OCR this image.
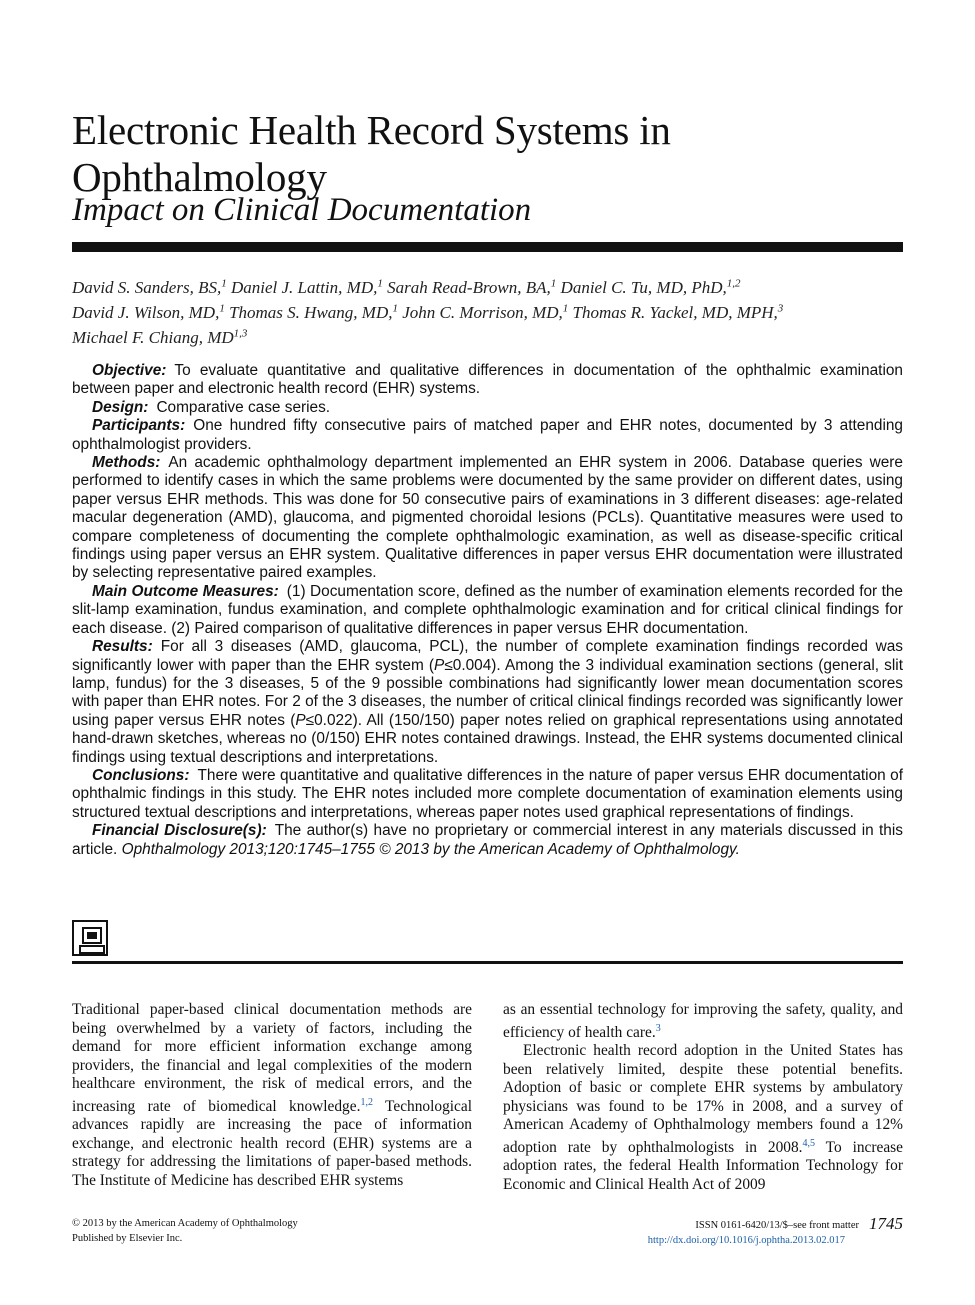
Electronic Health Record Systems in Ophthalmology
Impact on Clinical Documentation
David S. Sanders, BS,$^1$ Daniel J. Lattin, MD,$^1$ Sarah Read-Brown, BA,$^1$ Daniel C. Tu, MD, PhD,$^{1,2}$
David J. Wilson, MD,$^1$ Thomas S. Hwang, MD,$^1$ John C. Morrison, MD,$^1$ Thomas R. Yackel, MD, MPH,$^3$
Michael F. Chiang, MD$^{1,3}$

Objective: To evaluate quantitative and qualitative differences in documentation of the ophthalmic examination between paper and electronic health record (EHR) systems.

Design: Comparative case series.

Participants: One hundred fifty consecutive pairs of matched paper and EHR notes, documented by 3 attending ophthalmologist providers.

Methods: An academic ophthalmology department implemented an EHR system in 2006. Database queries were performed to identify cases in which the same problems were documented by the same provider on different dates, using paper versus EHR methods. This was done for 50 consecutive pairs of examinations in 3 different diseases: age-related macular degeneration (AMD), glaucoma, and pigmented choroidal lesions (PCLs). Quantitative measures were used to compare completeness of documenting the complete ophthalmologic examination, as well as disease-specific critical findings using paper versus an EHR system. Qualitative differences in paper versus EHR documentation were illustrated by selecting representative paired examples.

Main Outcome Measures: (1) Documentation score, defined as the number of examination elements recorded for the slit-lamp examination, fundus examination, and complete ophthalmologic examination and for critical clinical findings for each disease. (2) Paired comparison of qualitative differences in paper versus EHR documentation.

Results: For all 3 diseases (AMD, glaucoma, PCL), the number of complete examination findings recorded was significantly lower with paper than the EHR system (P≤0.004). Among the 3 individual examination sections (general, slit lamp, fundus) for the 3 diseases, 5 of the 9 possible combinations had significantly lower mean documentation scores with paper than EHR notes. For 2 of the 3 diseases, the number of critical clinical findings recorded was significantly lower using paper versus EHR notes (P≤0.022). All (150/150) paper notes relied on graphical representations using annotated hand-drawn sketches, whereas no (0/150) EHR notes contained drawings. Instead, the EHR systems documented clinical findings using textual descriptions and interpretations.

Conclusions: There were quantitative and qualitative differences in the nature of paper versus EHR documentation of ophthalmic findings in this study. The EHR notes included more complete documentation of examination elements using structured textual descriptions and interpretations, whereas paper notes used graphical representations of findings.

Financial Disclosure(s): The author(s) have no proprietary or commercial interest in any materials discussed in this article. Ophthalmology 2013;120:1745–1755 © 2013 by the American Academy of Ophthalmology.

Traditional paper-based clinical documentation methods are being overwhelmed by a variety of factors, including the demand for more efficient information exchange among providers, the financial and legal complexities of the modern healthcare environment, the risk of medical errors, and the increasing rate of biomedical knowledge.$^{1,2}$ Technological advances rapidly are increasing the pace of information exchange, and electronic health record (EHR) systems are a strategy for addressing the limitations of paper-based methods. The Institute of Medicine has described EHR systems

as an essential technology for improving the safety, quality, and efficiency of health care.$^3$

Electronic health record adoption in the United States has been relatively limited, despite these potential benefits. Adoption of basic or complete EHR systems by ambulatory physicians was found to be 17% in 2008, and a survey of American Academy of Ophthalmology members found a 12% adoption rate by ophthalmologists in 2008.$^{4,5}$ To increase adoption rates, the federal Health Information Technology for Economic and Clinical Health Act of 2009

© 2013 by the American Academy of Ophthalmology
Published by Elsevier Inc.
ISSN 0161-6420/13/$–see front matter 1745
http://dx.doi.org/10.1016/j.ophtha.2013.02.017
